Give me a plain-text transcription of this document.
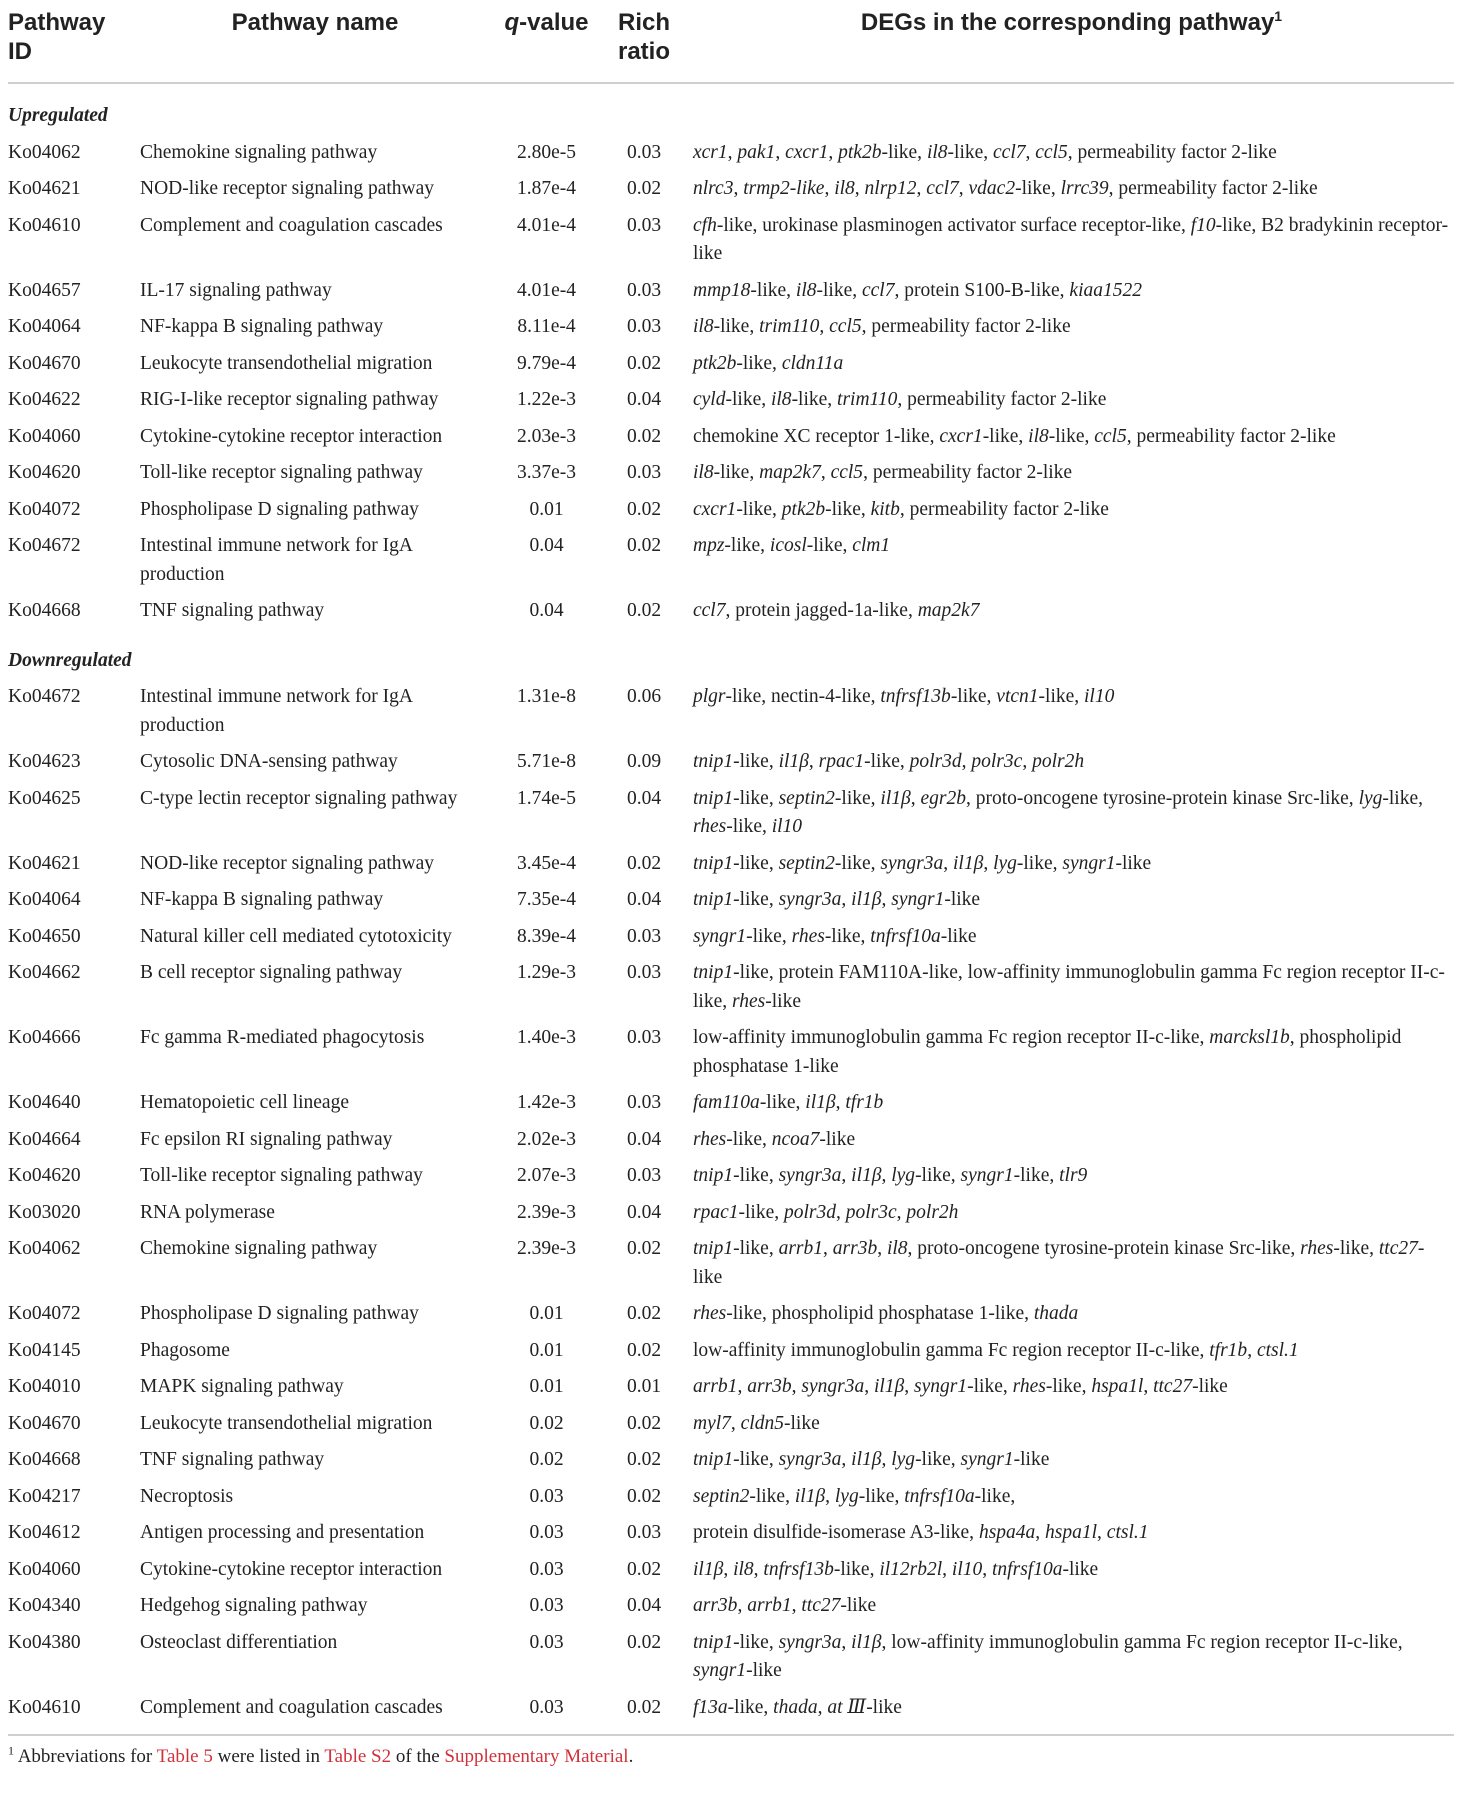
Pathway ID	Pathway name	q-value	Rich ratio	DEGs in the corresponding pathway$^1$
Upregulated				
Ko04062	Chemokine signaling pathway	2.80e-5	0.03	xcr1, pak1, cxcr1, ptk2b-like, il8-like, ccl7, ccl5, permeability factor 2-like
Ko04621	NOD-like receptor signaling pathway	1.87e-4	0.02	nlrc3, trmp2-like, il8, nlrp12, ccl7, vdac2-like, lrrc39, permeability factor 2-like
Ko04610	Complement and coagulation cascades	4.01e-4	0.03	cfh-like, urokinase plasminogen activator surface receptor-like, f10-like, B2 bradykinin receptor-like
Ko04657	IL-17 signaling pathway	4.01e-4	0.03	mmp18-like, il8-like, ccl7, protein S100-B-like, kiaa1522
Ko04064	NF-kappa B signaling pathway	8.11e-4	0.03	il8-like, trim110, ccl5, permeability factor 2-like
Ko04670	Leukocyte transendothelial migration	9.79e-4	0.02	ptk2b-like, cldn11a
Ko04622	RIG-I-like receptor signaling pathway	1.22e-3	0.04	cyld-like, il8-like, trim110, permeability factor 2-like
Ko04060	Cytokine-cytokine receptor interaction	2.03e-3	0.02	chemokine XC receptor 1-like, cxcr1-like, il8-like, ccl5, permeability factor 2-like
Ko04620	Toll-like receptor signaling pathway	3.37e-3	0.03	il8-like, map2k7, ccl5, permeability factor 2-like
Ko04072	Phospholipase D signaling pathway	0.01	0.02	cxcr1-like, ptk2b-like, kitb, permeability factor 2-like
Ko04672	Intestinal immune network for IgA production	0.04	0.02	mpz-like, icosl-like, clm1
Ko04668	TNF signaling pathway	0.04	0.02	ccl7, protein jagged-1a-like, map2k7
Downregulated				
Ko04672	Intestinal immune network for IgA production	1.31e-8	0.06	plgr-like, nectin-4-like, tnfrsf13b-like, vtcn1-like, il10
Ko04623	Cytosolic DNA-sensing pathway	5.71e-8	0.09	tnip1-like, il1β, rpac1-like, polr3d, polr3c, polr2h
Ko04625	C-type lectin receptor signaling pathway	1.74e-5	0.04	tnip1-like, septin2-like, il1β, egr2b, proto-oncogene tyrosine-protein kinase Src-like, lyg-like, rhes-like, il10
Ko04621	NOD-like receptor signaling pathway	3.45e-4	0.02	tnip1-like, septin2-like, syngr3a, il1β, lyg-like, syngr1-like
Ko04064	NF-kappa B signaling pathway	7.35e-4	0.04	tnip1-like, syngr3a, il1β, syngr1-like
Ko04650	Natural killer cell mediated cytotoxicity	8.39e-4	0.03	syngr1-like, rhes-like, tnfrsf10a-like
Ko04662	B cell receptor signaling pathway	1.29e-3	0.03	tnip1-like, protein FAM110A-like, low-affinity immunoglobulin gamma Fc region receptor II-c-like, rhes-like
Ko04666	Fc gamma R-mediated phagocytosis	1.40e-3	0.03	low-affinity immunoglobulin gamma Fc region receptor II-c-like, marcksl1b, phospholipid phosphatase 1-like
Ko04640	Hematopoietic cell lineage	1.42e-3	0.03	fam110a-like, il1β, tfr1b
Ko04664	Fc epsilon RI signaling pathway	2.02e-3	0.04	rhes-like, ncoa7-like
Ko04620	Toll-like receptor signaling pathway	2.07e-3	0.03	tnip1-like, syngr3a, il1β, lyg-like, syngr1-like, tlr9
Ko03020	RNA polymerase	2.39e-3	0.04	rpac1-like, polr3d, polr3c, polr2h
Ko04062	Chemokine signaling pathway	2.39e-3	0.02	tnip1-like, arrb1, arr3b, il8, proto-oncogene tyrosine-protein kinase Src-like, rhes-like, ttc27-like
Ko04072	Phospholipase D signaling pathway	0.01	0.02	rhes-like, phospholipid phosphatase 1-like, thada
Ko04145	Phagosome	0.01	0.02	low-affinity immunoglobulin gamma Fc region receptor II-c-like, tfr1b, ctsl.1
Ko04010	MAPK signaling pathway	0.01	0.01	arrb1, arr3b, syngr3a, il1β, syngr1-like, rhes-like, hspa1l, ttc27-like
Ko04670	Leukocyte transendothelial migration	0.02	0.02	myl7, cldn5-like
Ko04668	TNF signaling pathway	0.02	0.02	tnip1-like, syngr3a, il1β, lyg-like, syngr1-like
Ko04217	Necroptosis	0.03	0.02	septin2-like, il1β, lyg-like, tnfrsf10a-like,
Ko04612	Antigen processing and presentation	0.03	0.03	protein disulfide-isomerase A3-like, hspa4a, hspa1l, ctsl.1
Ko04060	Cytokine-cytokine receptor interaction	0.03	0.02	il1β, il8, tnfrsf13b-like, il12rb2l, il10, tnfrsf10a-like
Ko04340	Hedgehog signaling pathway	0.03	0.04	arr3b, arrb1, ttc27-like
Ko04380	Osteoclast differentiation	0.03	0.02	tnip1-like, syngr3a, il1β, low-affinity immunoglobulin gamma Fc region receptor II-c-like, syngr1-like
Ko04610	Complement and coagulation cascades	0.03	0.02	f13a-like, thada, at Ⅲ-like
$^1$ Abbreviations for Table 5 were listed in Table S2 of the Supplementary Material.
